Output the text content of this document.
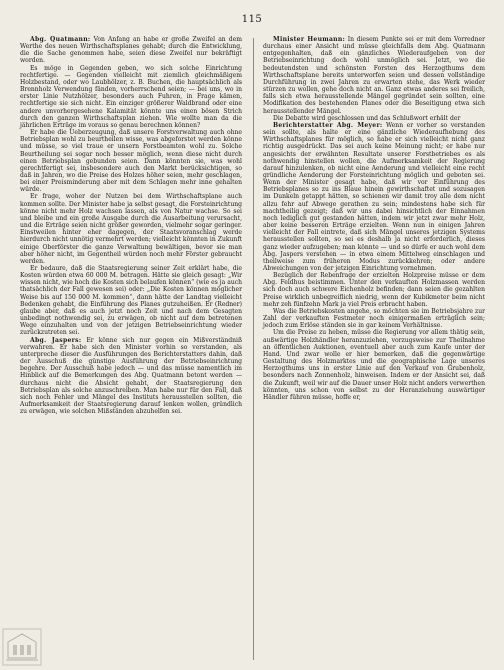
115

Abg. Quatmann: Von Anfang an habe er große Zweifel an dem Werthe des neuen Wirthschaftsplanes gehabt; durch die Entwicklung, die die Sache genommen habe, seien diese Zweifel nur bekräftigt worden.

Es möge in Gegenden geben, wo sich solche Einrichtung rechtfertige. — Gegenden vielleicht mit ziemlich gleichmäßigem Holzbestand, oder wo Laubhölzer, z. B. Buchen, die hauptsächlich als Brennholz Verwendung fänden, vorherrschend seien; — bei uns, wo in erster Linie Nutzhölzer, besonders auch Fuhren, in Frage kämen, rechtfertige sie sich nicht. Ein einziger größerer Waldbrand oder eine andere unvorhergesehene Kalamität könnte uns einen bösen Strich durch den ganzen Wirthschaftsplan ziehen. Wie wollte man da die jährlichen Erträge im voraus so genau berechnen können?

Er habe die Ueberzeugung, daß unsere Forstverwaltung auch ohne Betriebsplan wohl zu beurtheilen wisse, was abgeforstet werden könne und müsse, so viel traue er unsern Forstbeamten wohl zu. Solche Beurtheilung sei sogar noch besser möglich, wenn diese nicht durch einen Betriebsplan gebunden seien. Dann könnten sie, was wohl gerechtfertigt sei, insbesondere auch den Markt berücksichtigen, so daß in Jahren, wo die Preise des Holzes höher seien, mehr geschlagen, bei einer Preisminderung aber mit dem Schlagen mehr inne gehalten würde.

Er frage, woher der Nutzen bei dem Wirthschaftsplane auch kommen sollte. Der Minister habe ja selbst gesagt, die Forsteinrichtung könne nicht mehr Holz wachsen lassen, als von Natur wachse. So sei und bleibe und ein große Ausgabe durch die Ausarbeitung verursacht, und die Erträge seien nicht größer geworden, vielmehr sogar geringer. Einstweilen hinter eher dagegen, der Staatsvoranschlag werde hierdurch nicht unnötig vermehrt werden; vielleicht könnten in Zukunft einige Oberförster die ganze Verwaltung bewältigen, bevor sie man aber höher nicht, im Gegentheil würden noch mehr Förster gebraucht werden.

Er bedaure, daß die Staatsregierung seiner Zeit erklärt habe, die Kosten würden etwa 60 000 M. betragen. Hätte sie gleich gesagt: „Wir wissen nicht, wie hoch die Kosten sich belaufen können“ (wie es ja auch thatsächlich der Fall gewesen sei) oder: „Die Kosten können möglicher Weise bis auf 150 000 M. kommen“, dann hätte der Landtag vielleicht Bedenken gehabt, die Einführung des Planes gutzuheißen. Er (Redner) glaube aber, daß es auch jetzt noch Zeit und nach dem Gesagten unbedingt nothwendig sei, zu erwägen, ob nicht auf dem betretenen Wege einzuhalten und von der jetzigen Betriebseinrichtung wieder zurückzutreten sei.

Abg. Jaspers: Er könne sich nur gegen ein Mißverständniß verwahren. Er habe sich den Minister vorhin so verstanden, als unterpreche dieser die Ausführungen des Berichterstatters dahin, daß der Ausschuß die günstige Ausführung der Betriebseinrichtung begehre. Der Ausschuß habe jedoch — und das müsse namentlich im Hinblick auf die Bemerkungen des Abg. Quatmann betont werden — durchaus nicht die Absicht gehabt, der Staatsregierung den Betriebsplan als solche anzuschreiben. Man habe nur für den Fall, daß sich noch Fehler und Mängel des Instituts herausstellen sollten, die Aufmerksamkeit der Staatsregierung darauf lenken wollen, gründlich zu erwägen, wie solchen Mißständen abzuhelfen sei.

Minister Heumann: In diesem Punkte sei er mit dem Vorredner durchaus einer Ansicht und müsse gleichfalls dem Abg. Quatmann entgegenhalten, daß ein gänzliches Wiederaufgeben von der Betriebseinrichtung doch wohl unmöglich sei. Jetzt, wo die bedeutendsten und schönsten Forsten des Herzogthums dem Wirthschaftsplane bereits unterworfen seien und dessen vollständige Durchführung in zwei Jahren zu erwarten stehe, das Werk wieder stürzen zu wollen, gehe doch nicht an. Ganz etwas anderes sei freilich, falls sich etwa herausstellende Mängel gegründet sein sollten, eine Modifikation des bestehenden Planes oder die Beseitigung etwa sich herausstellender Mängel.

Die Debatte wird geschlossen und das Schlußwort erhält der

Berichterstatter Abg. Meyer: Wenn er vorher so verstanden sein sollte, als halte er eine gänzliche Wiederaufhebung des Wirthschaftsplanes für möglich, so habe er sich vielleicht nicht ganz richtig ausgedrückt. Das sei auch keine Meinung nicht; er habe nur angesichts der erwähnten Resultate unserer Forstbetriebes es als nothwendig hinstellen wollen, die Aufmerksamkeit der Regierung darauf hinzulenken, ob nicht eine Aenderung und vielleicht eine recht gründliche Aenderung der Forsteinrichtung möglich und geboten sei. Wenn der Minister gesagt habe, daß wir vor Einführung des Betriebsplanes so zu ins Blaue hinein gewirthschaftet und sozusagen im Dunkeln getappt hätten, so schienen wir damit troy alle dem nicht allzu fehr auf Abwege gerathen zu sein; mindestens habe sich für machtheilig gezeigt; daß wir uns dabei hinsichtlich der Einnahmen noch lediglich gut gestanden hätten, indem wir jetzt zwar mehr Holz, aber keine besseren Erträge erzielten. Wenn nun in einigen Jahren vielleicht der Fall eintrete, daß sich Mängel unseres jetzigen Systems herausstellen sollten, so sei es deshalb ja nicht erforderlich, dieses ganz wieder aufzugeben; man könnte — und so dürfe er auch wohl dem Abg. Jaspers verstehen — in etwa einem Mittelweg einschlagen und theilweise zum früheren Modus zurückkehren; oder andere Abweichungen von der jetzigen Einrichtung vornehmen.

Bezüglich der Rebenfrage der erzielten Holzpreise müsse er dem Abg. Feldhus beistimmen. Unter den verkauften Holzmassen werden sich doch auch schwere Eichenholz befinden; dann seien die gezahlten Preise wirklich unbegreiflich niedrig, wenn der Kubikmeter beim nicht mehr zeh fünfzehn Mark ja viel Preis erbracht haben.

Was die Betriebskosten angehe, so möchten sie im Betriebsjahre zur Zahl der verkauften Festmeter noch einigermaßen erträglich sein; jedoch zum Erlöse ständen sie in gar keinem Verhältnisse.

Um die Preise zu heben, müsse die Regierung vor allem thätig sein, außwärtige Holzhändler heranzuziehen, vorzugsweise zur Theilnahme an öffentlichen Auktionen, eventuell aber auch zum Kaufe unter der Hand. Und zwar wolle er hier bemerken, daß die gegenwärtige Gestaltung des Holzmarktes und die geographische Lage unseres Herzogthums uns in erster Linie auf den Verkauf von Grubenholz, besonders nach Zonnenholz, hinweisen. Indem er der Ansicht sei, daß die Zukunft, weil wir auf die Dauer unser Holz nicht anders verwerthen könnten, uns schon von selbst zu der Heranziehung auswärtiger Händler führen müsse, hoffe er,
